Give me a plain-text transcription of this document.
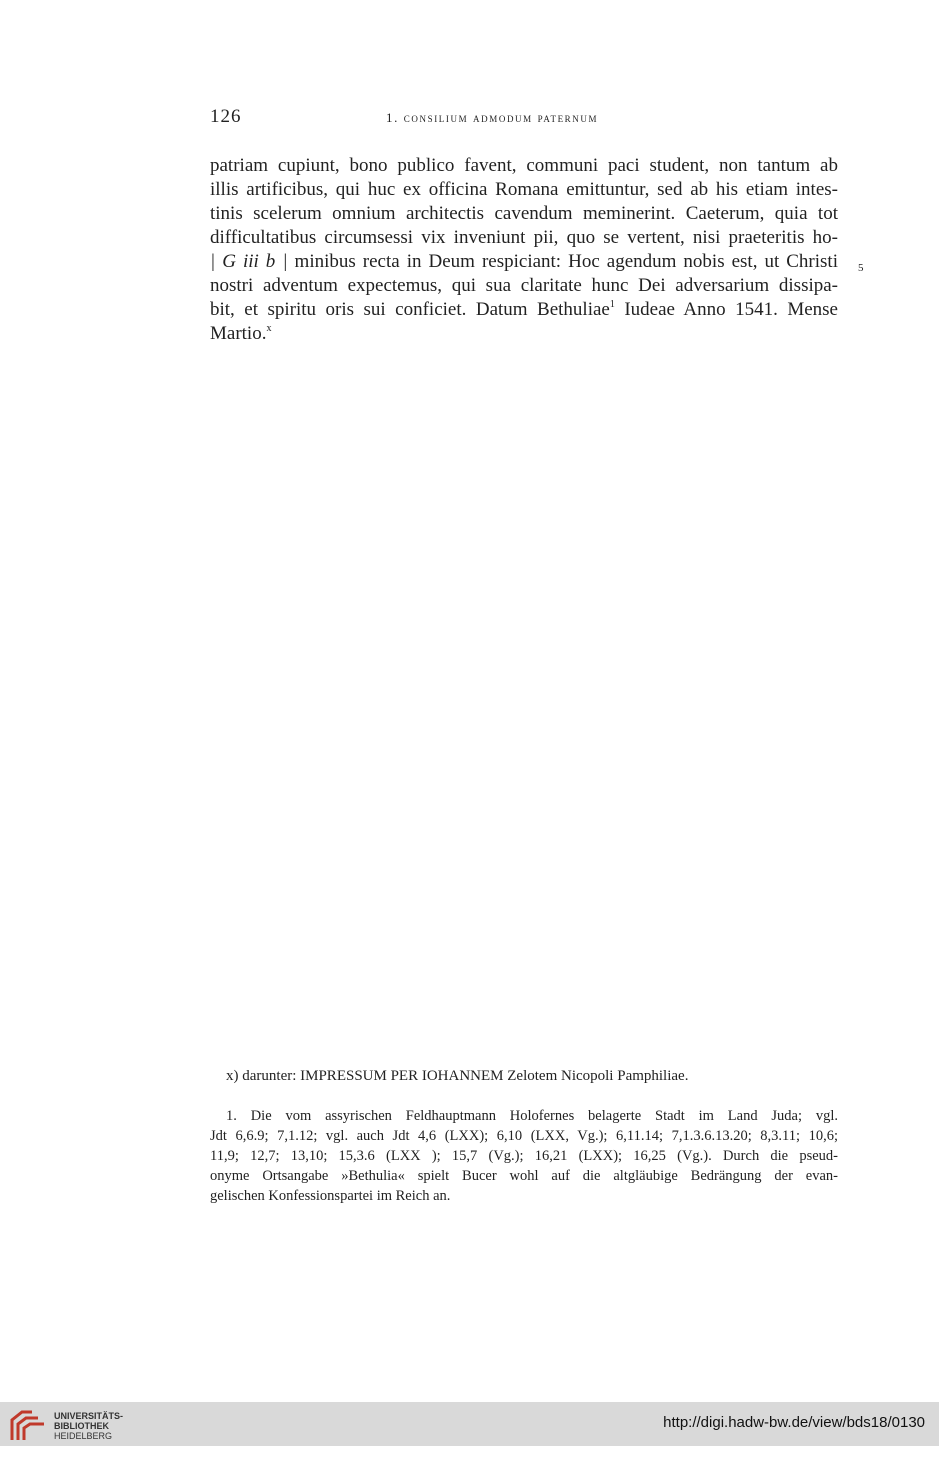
126	1. consilium admodum paternum
patriam cupiunt, bono publico favent, communi paci student, non tantum ab
illis artificibus, qui huc ex officina Romana emittuntur, sed ab his etiam intes-
tinis scelerum omnium architectis cavendum meminerint. Caeterum, quia tot
difficultatibus circumsessi vix inveniunt pii, quo se vertent, nisi praeteritis ho-
| G iii b | minibus recta in Deum respiciant: Hoc agendum nobis est, ut Christi
nostri adventum expectemus, qui sua claritate hunc Dei adversarium dissipa-
bit, et spiritu oris sui conficiet. Datum Bethuliae$^1$ Iudeae Anno 1541. Mense
Martio.$^x$
5
x) darunter: IMPRESSUM PER IOHANNEM Zelotem Nicopoli Pamphiliae.
1. Die vom assyrischen Feldhauptmann Holofernes belagerte Stadt im Land Juda; vgl.
Jdt 6,6.9; 7,1.12; vgl. auch Jdt 4,6 (LXX); 6,10 (LXX, Vg.); 6,11.14; 7,1.3.6.13.20; 8,3.11; 10,6;
11,9; 12,7; 13,10; 15,3.6 (LXX ); 15,7 (Vg.); 16,21 (LXX); 16,25 (Vg.). Durch die pseud-
onyme Ortsangabe »Bethulia« spielt Bucer wohl auf die altgläubige Bedrängung der evan-
gelischen Konfessionspartei im Reich an.
UNIVERSITÄTS-
BIBLIOTHEK
HEIDELBERG
http://digi.hadw-bw.de/view/bds18/0130
